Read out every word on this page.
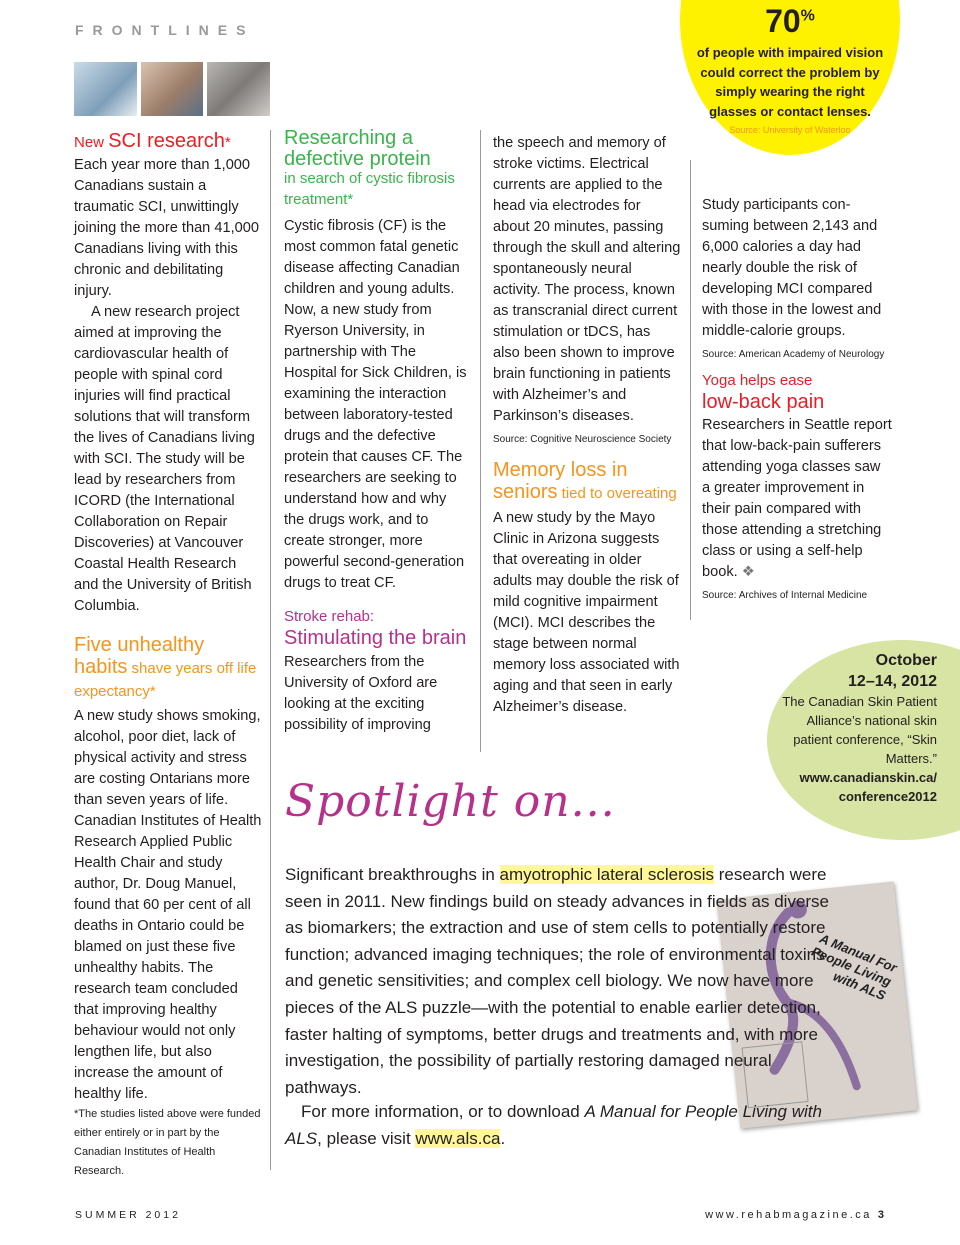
FRONTLINES	70%
of people with impaired vision could correct the problem by simply wearing the right glasses or contact lenses.
Source: University of Waterloo
New SCI research*

Each year more than 1,000 Canadians sustain a traumatic SCI, unwittingly joining the more than 41,000 Canadians living with this chronic and debilitating injury.

A new research project aimed at improving the cardiovascular health of people with spinal cord injuries will find practical solutions that will transform the lives of Canadians living with SCI. The study will be lead by researchers from ICORD (the International Collaboration on Repair Discoveries) at Vancouver Coastal Health Research and the University of British Columbia.

Five unhealthy habits shave years off life expectancy*

A new study shows smoking, alcohol, poor diet, lack of physical activity and stress are costing Ontarians more than seven years of life. Canadian Institutes of Health Research Applied Public Health Chair and study author, Dr. Doug Manuel, found that 60 per cent of all deaths in Ontario could be blamed on just these five unhealthy habits. The research team concluded that improving healthy behaviour would not only lengthen life, but also increase the amount of healthy life.

*The studies listed above were funded either entirely or in part by the Canadian Institutes of Health Research.

Researching a defective protein
in search of cystic fibrosis treatment*

Cystic fibrosis (CF) is the most common fatal genetic disease affecting Canadian children and young adults. Now, a new study from Ryerson University, in partnership with The Hospital for Sick Children, is examining the interaction between laboratory-tested drugs and the defective protein that causes CF. The researchers are seeking to understand how and why the drugs work, and to create stronger, more powerful second-generation drugs to treat CF.

Stroke rehab:
Stimulating the brain

Researchers from the University of Oxford are looking at the exciting possibility of improving

the speech and memory of stroke victims. Electrical currents are applied to the head via electrodes for about 20 minutes, passing through the skull and altering spontaneously neural activity. The process, known as transcranial direct current stimulation or tDCS, has also been shown to improve brain functioning in patients with Alzheimer’s and Parkinson’s diseases.

Source: Cognitive Neuroscience Society

Memory loss in seniors tied to overeating

A new study by the Mayo Clinic in Arizona suggests that overeating in older adults may double the risk of mild cognitive impairment (MCI). MCI describes the stage between normal memory loss associated with aging and that seen in early Alzheimer’s disease.

Study participants consuming between 2,143 and 6,000 calories a day had nearly double the risk of developing MCI compared with those in the lowest and middle-calorie groups.

Source: American Academy of Neurology

Yoga helps ease
low-back pain

Researchers in Seattle report that low-back-pain sufferers attending yoga classes saw a greater improvement in their pain compared with those attending a stretching class or using a self-help book. ❖

Source: Archives of Internal Medicine

October
12–14, 2012
The Canadian Skin Patient Alliance’s national skin patient conference, “Skin Matters.”
www.canadianskin.ca/ conference2012
Spotlight on...
A Manual For People Living with ALS

Significant breakthroughs in amyotrophic lateral sclerosis research were seen in 2011. New findings build on steady advances in fields as diverse as biomarkers; the extraction and use of stem cells to potentially restore function; advanced imaging techniques; the role of environmental toxins and genetic sensitivities; and complex cell biology. We now have more pieces of the ALS puzzle—with the potential to enable earlier detection, faster halting of symptoms, better drugs and treatments and, with more investigation, the possibility of partially restoring damaged neural pathways.

For more information, or to download A Manual for People Living with ALS, please visit www.als.ca.

SUMMER 2012	www.rehabmagazine.ca 3
